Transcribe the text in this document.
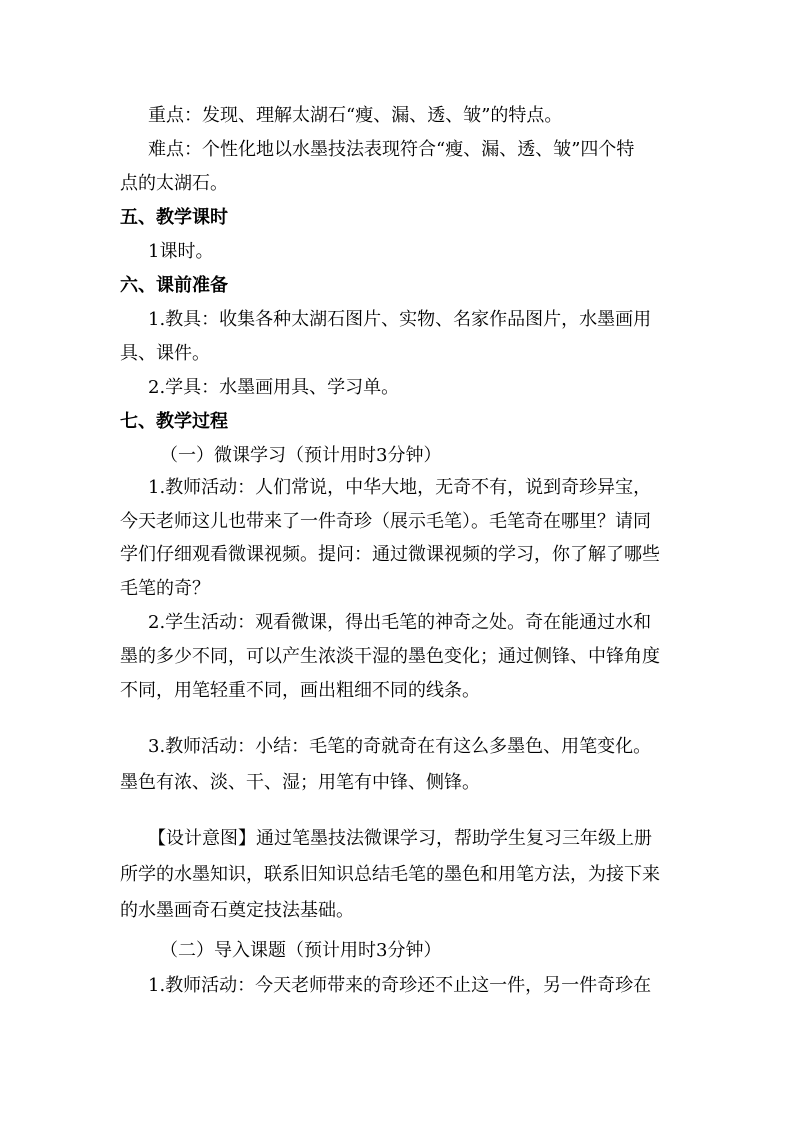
重点：发现、理解太湖石“瘦、漏、透、皱”的特点。

难点：个性化地以水墨技法表现符合“瘦、漏、透、皱”四个特

点的太湖石。

五、教学课时

1课时。

六、课前准备

1.教具：收集各种太湖石图片、实物、名家作品图片，水墨画用

具、课件。

2.学具：水墨画用具、学习单。

七、教学过程

（一）微课学习（预计用时3分钟）

1.教师活动：人们常说，中华大地，无奇不有，说到奇珍异宝，

今天老师这儿也带来了一件奇珍（展示毛笔）。毛笔奇在哪里？请同

学们仔细观看微课视频。提问：通过微课视频的学习，你了解了哪些

毛笔的奇？

2.学生活动：观看微课，得出毛笔的神奇之处。奇在能通过水和

墨的多少不同，可以产生浓淡干湿的墨色变化；通过侧锋、中锋角度

不同，用笔轻重不同，画出粗细不同的线条。

3.教师活动：小结：毛笔的奇就奇在有这么多墨色、用笔变化。

墨色有浓、淡、干、湿；用笔有中锋、侧锋。

【设计意图】通过笔墨技法微课学习，帮助学生复习三年级上册

所学的水墨知识，联系旧知识总结毛笔的墨色和用笔方法，为接下来

的水墨画奇石奠定技法基础。

（二）导入课题（预计用时3分钟）

1.教师活动：今天老师带来的奇珍还不止这一件，另一件奇珍在
